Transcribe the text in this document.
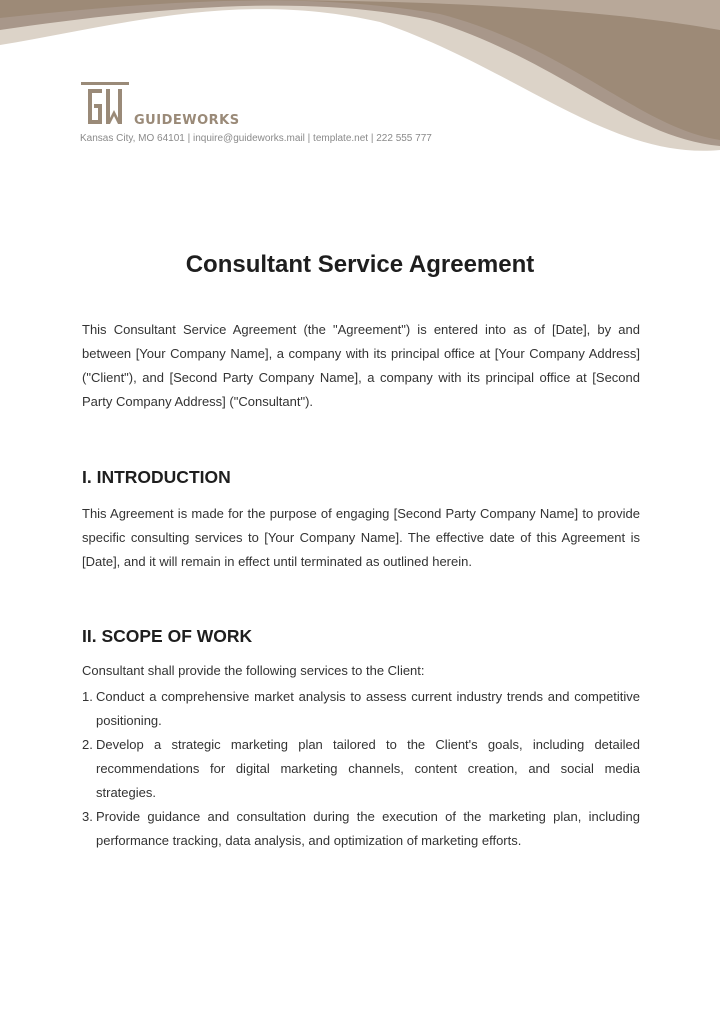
GUIDEWORKS
Kansas City, MO 64101 | inquire@guideworks.mail | template.net | 222 555 777
Consultant Service Agreement

This Consultant Service Agreement (the "Agreement") is entered into as of [Date], by and between [Your Company Name], a company with its principal office at [Your Company Address] ("Client"), and [Second Party Company Name], a company with its principal office at [Second Party Company Address] ("Consultant").

I. INTRODUCTION

This Agreement is made for the purpose of engaging [Second Party Company Name] to provide specific consulting services to [Your Company Name]. The effective date of this Agreement is [Date], and it will remain in effect until terminated as outlined herein.

II. SCOPE OF WORK
Consultant shall provide the following services to the Client:
1. Conduct a comprehensive market analysis to assess current industry trends and competitive positioning.
2. Develop a strategic marketing plan tailored to the Client's goals, including detailed recommendations for digital marketing channels, content creation, and social media strategies.
3. Provide guidance and consultation during the execution of the marketing plan, including performance tracking, data analysis, and optimization of marketing efforts.
